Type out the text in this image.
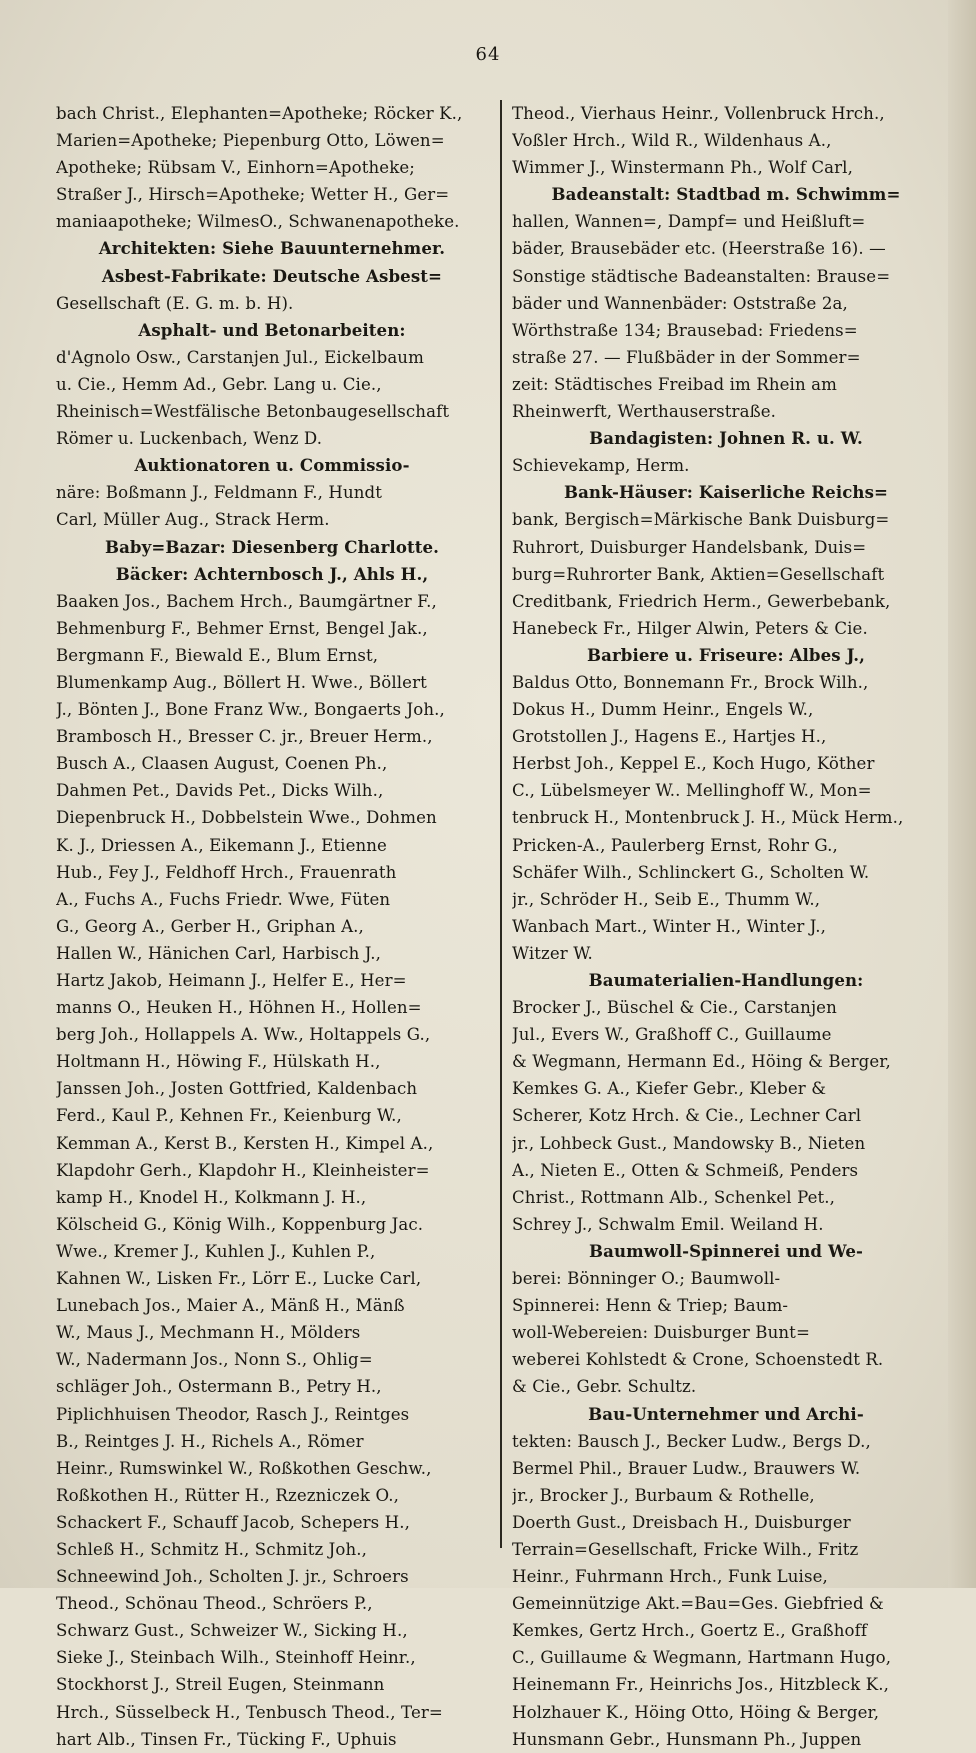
64
bach Christ., Elephanten=Apotheke; Röcker K.,
Marien=Apotheke; Piepenburg Otto, Löwen=
Apotheke; Rübsam V., Einhorn=Apotheke;
Straßer J., Hirsch=Apotheke; Wetter H., Ger=
maniaapotheke; WilmesO., Schwanenapotheke.
Architekten: Siehe Bauunternehmer.
Asbest-Fabrikate: Deutsche Asbest=
Gesellschaft (E. G. m. b. H).
Asphalt- und Betonarbeiten:
d'Agnolo Osw., Carstanjen Jul., Eickelbaum
u. Cie., Hemm Ad., Gebr. Lang u. Cie.,
Rheinisch=Westfälische Betonbaugesellschaft
Römer u. Luckenbach, Wenz D.
Auktionatoren u. Commissio-
näre: Boßmann J., Feldmann F., Hundt
Carl, Müller Aug., Strack Herm.
Baby=Bazar: Diesenberg Charlotte.
Bäcker: Achternbosch J., Ahls H.,
Baaken Jos., Bachem Hrch., Baumgärtner F.,
Behmenburg F., Behmer Ernst, Bengel Jak.,
Bergmann F., Biewald E., Blum Ernst,
Blumenkamp Aug., Böllert H. Wwe., Böllert
J., Bönten J., Bone Franz Ww., Bongaerts Joh.,
Brambosch H., Bresser C. jr., Breuer Herm.,
Busch A., Claasen August, Coenen Ph.,
Dahmen Pet., Davids Pet., Dicks Wilh.,
Diepenbruck H., Dobbelstein Wwe., Dohmen
K. J., Driessen A., Eikemann J., Etienne
Hub., Fey J., Feldhoff Hrch., Frauenrath
A., Fuchs A., Fuchs Friedr. Wwe, Füten
G., Georg A., Gerber H., Griphan A.,
Hallen W., Hänichen Carl, Harbisch J.,
Hartz Jakob, Heimann J., Helfer E., Her=
manns O., Heuken H., Höhnen H., Hollen=
berg Joh., Hollappels A. Ww., Holtappels G.,
Holtmann H., Höwing F., Hülskath H.,
Janssen Joh., Josten Gottfried, Kaldenbach
Ferd., Kaul P., Kehnen Fr., Keienburg W.,
Kemman A., Kerst B., Kersten H., Kimpel A.,
Klapdohr Gerh., Klapdohr H., Kleinheister=
kamp H., Knodel H., Kolkmann J. H.,
Kölscheid G., König Wilh., Koppenburg Jac.
Wwe., Kremer J., Kuhlen J., Kuhlen P.,
Kahnen W., Lisken Fr., Lörr E., Lucke Carl,
Lunebach Jos., Maier A., Mänß H., Mänß
W., Maus J., Mechmann H., Mölders
W., Nadermann Jos., Nonn S., Ohlig=
schläger Joh., Ostermann B., Petry H.,
Piplichhuisen Theodor, Rasch J., Reintges
B., Reintges J. H., Richels A., Römer
Heinr., Rumswinkel W., Roßkothen Geschw.,
Roßkothen H., Rütter H., Rzezniczek O.,
Schackert F., Schauff Jacob, Schepers H.,
Schleß H., Schmitz H., Schmitz Joh.,
Schneewind Joh., Scholten J. jr., Schroers
Theod., Schönau Theod., Schröers P.,
Schwarz Gust., Schweizer W., Sicking H.,
Sieke J., Steinbach Wilh., Steinhoff Heinr.,
Stockhorst J., Streil Eugen, Steinmann
Hrch., Süsselbeck H., Tenbusch Theod., Ter=
hart Alb., Tinsen Fr., Tücking F., Uphuis
Theod., Vierhaus Heinr., Vollenbruck Hrch.,
Voßler Hrch., Wild R., Wildenhaus A.,
Wimmer J., Winstermann Ph., Wolf Carl,
Badeanstalt: Stadtbad m. Schwimm=
hallen, Wannen=, Dampf= und Heißluft=
bäder, Brausebäder etc. (Heerstraße 16). —
Sonstige städtische Badeanstalten: Brause=
bäder und Wannenbäder: Oststraße 2a,
Wörthstraße 134; Brausebad: Friedens=
straße 27. — Flußbäder in der Sommer=
zeit: Städtisches Freibad im Rhein am
Rheinwerft, Werthauserstraße.
Bandagisten: Johnen R. u. W.
Schievekamp, Herm.
Bank-Häuser: Kaiserliche Reichs=
bank, Bergisch=Märkische Bank Duisburg=
Ruhrort, Duisburger Handelsbank, Duis=
burg=Ruhrorter Bank, Aktien=Gesellschaft
Creditbank, Friedrich Herm., Gewerbebank,
Hanebeck Fr., Hilger Alwin, Peters & Cie.
Barbiere u. Friseure: Albes J.,
Baldus Otto, Bonnemann Fr., Brock Wilh.,
Dokus H., Dumm Heinr., Engels W.,
Grotstollen J., Hagens E., Hartjes H.,
Herbst Joh., Keppel E., Koch Hugo, Köther
C., Lübelsmeyer W.. Mellinghoff W., Mon=
tenbruck H., Montenbruck J. H., Mück Herm.,
Pricken-A., Paulerberg Ernst, Rohr G.,
Schäfer Wilh., Schlinckert G., Scholten W.
jr., Schröder H., Seib E., Thumm W.,
Wanbach Mart., Winter H., Winter J.,
Witzer W.
Baumaterialien-Handlungen:
Brocker J., Büschel & Cie., Carstanjen
Jul., Evers W., Graßhoff C., Guillaume
& Wegmann, Hermann Ed., Höing & Berger,
Kemkes G. A., Kiefer Gebr., Kleber &
Scherer, Kotz Hrch. & Cie., Lechner Carl
jr., Lohbeck Gust., Mandowsky B., Nieten
A., Nieten E., Otten & Schmeiß, Penders
Christ., Rottmann Alb., Schenkel Pet.,
Schrey J., Schwalm Emil. Weiland H.
Baumwoll-Spinnerei und We-
berei: Bönninger O.; Baumwoll-
Spinnerei: Henn & Triep; Baum-
woll-Webereien: Duisburger Bunt=
weberei Kohlstedt & Crone, Schoenstedt R.
& Cie., Gebr. Schultz.
Bau-Unternehmer und Archi-
tekten: Bausch J., Becker Ludw., Bergs D.,
Bermel Phil., Brauer Ludw., Brauwers W.
jr., Brocker J., Burbaum & Rothelle,
Doerth Gust., Dreisbach H., Duisburger
Terrain=Gesellschaft, Fricke Wilh., Fritz
Heinr., Fuhrmann Hrch., Funk Luise,
Gemeinnützige Akt.=Bau=Ges. Giebfried &
Kemkes, Gertz Hrch., Goertz E., Graßhoff
C., Guillaume & Wegmann, Hartmann Hugo,
Heinemann Fr., Heinrichs Jos., Hitzbleck K.,
Holzhauer K., Höing Otto, Höing & Berger,
Hunsmann Gebr., Hunsmann Ph., Juppen
